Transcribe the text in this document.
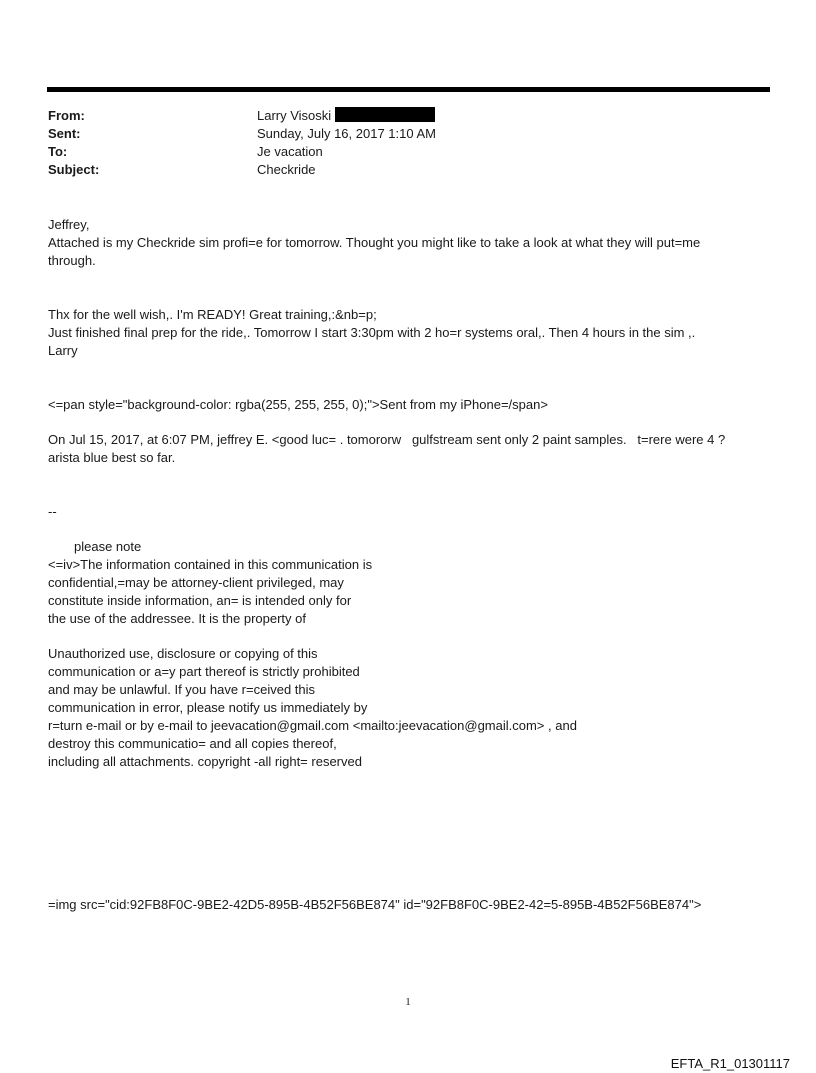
From:	Larry Visoski
Sent:	Sunday, July 16, 2017 1:10 AM
To:	Je vacation
Subject:	Checkride
Jeffrey,
Attached is my Checkride sim profi=e for tomorrow. Thought you might like to take a look at what they will put=me
through.
Thx for the well wish,. I'm READY! Great training,:&nb=p;
Just finished final prep for the ride,. Tomorrow I start 3:30pm with 2 ho=r systems oral,. Then 4 hours in the sim ,.
Larry
<=pan style="background-color: rgba(255, 255, 255, 0);">Sent from my iPhone=/span>
On Jul 15, 2017, at 6:07 PM, jeffrey E. <good luc= . tomororw   gulfstream sent only 2 paint samples.   t=rere were 4 ?
arista blue best so far.
--
please note
<=iv>The information contained in this communication is
confidential,=may be attorney-client privileged, may
constitute inside information, an= is intended only for
the use of the addressee. It is the property of
Unauthorized use, disclosure or copying of this
communication or a=y part thereof is strictly prohibited
and may be unlawful. If you have r=ceived this
communication in error, please notify us immediately by
r=turn e-mail or by e-mail to jeevacation@gmail.com <mailto:jeevacation@gmail.com> , and
destroy this communicatio= and all copies thereof,
including all attachments. copyright -all right= reserved
=img src="cid:92FB8F0C-9BE2-42D5-895B-4B52F56BE874" id="92FB8F0C-9BE2-42=5-895B-4B52F56BE874">
1
EFTA_R1_01301117
